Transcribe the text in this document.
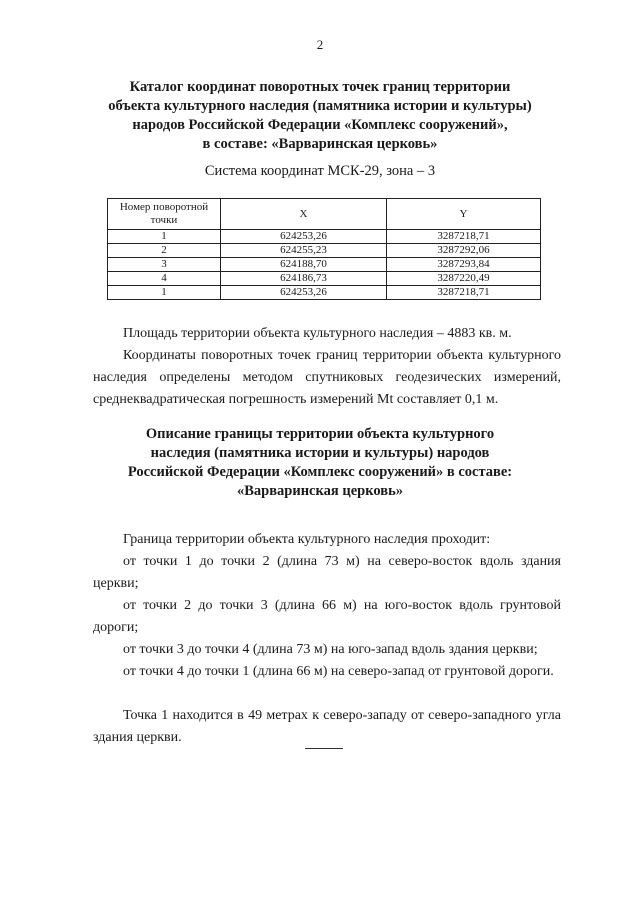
2
Каталог координат поворотных точек границ территории
объекта культурного наследия (памятника истории и культуры)
народов Российской Федерации «Комплекс сооружений»,
в составе: «Варваринская церковь»
Система координат МСК-29, зона – 3
Номер поворотной точки	X	Y
1	624253,26	3287218,71
2	624255,23	3287292,06
3	624188,70	3287293,84
4	624186,73	3287220,49
1	624253,26	3287218,71
Площадь территории объекта культурного наследия – 4883 кв. м.
Координаты поворотных точек границ территории объекта культурного наследия определены методом спутниковых геодезических измерений, среднеквадратическая погрешность измерений Mt составляет 0,1 м.
Описание границы территории объекта культурного
наследия (памятника истории и культуры) народов
Российской Федерации «Комплекс сооружений» в составе:
«Варваринская церковь»
Граница территории объекта культурного наследия проходит:
от точки 1 до точки 2 (длина 73 м) на северо-восток вдоль здания церкви;
от точки 2 до точки 3 (длина 66 м) на юго-восток вдоль грунтовой дороги;
от точки 3 до точки 4 (длина 73 м) на юго-запад вдоль здания церкви;
от точки 4 до точки 1 (длина 66 м) на северо-запад от грунтовой дороги.
Точка 1 находится в 49 метрах к северо-западу от северо-западного угла здания церкви.
